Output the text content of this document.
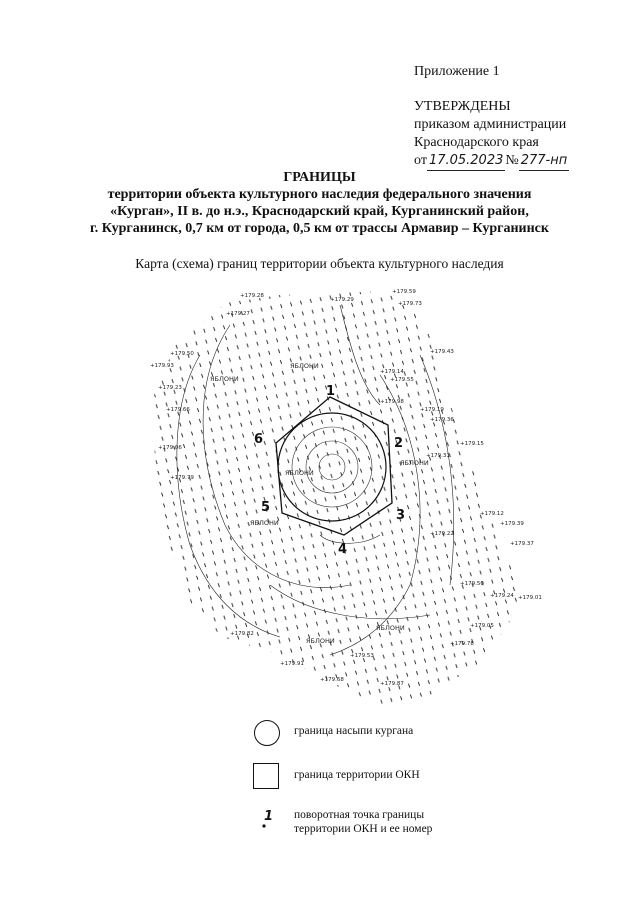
Приложение 1
УТВЕРЖДЕНЫ
приказом администрации
Краснодарского края
от 17.05.2023 № 277-нп
ГРАНИЦЫ
территории объекта культурного наследия федерального значения
«Курган», II в. до н.э., Краснодарский край, Курганинский район,
г. Курганинск, 0,7 км от города, 0,5 км от трассы Армавир – Курганинск
Карта (схема) границ территории объекта культурного наследия
1
2
3
4
5
6
ЯБЛОНИ
ЯБЛОНИ
ЯБЛОНИ
ЯБЛОНИ
ЯБЛОНИ
ЯБЛОНИ
ЯБЛОНИ
+179.28
+179.29
+179.59
+179.73
+179.27
+179.50	+179.43
+179.93
+179.14
+179.55
+179.23
+179.98
+179.19
+179.66
+179.36
+179.06
+179.31
+179.79
+179.15
+179.12
+179.39
+179.37
+179.22
+179.50
+179.24 +179.01
+179.05
+179.78
+179.53
+179.87
+179.68
+179.91
+179.82
граница насыпи кургана
граница территории ОКН
1 поворотная точка границы
территории ОКН и ее номер
